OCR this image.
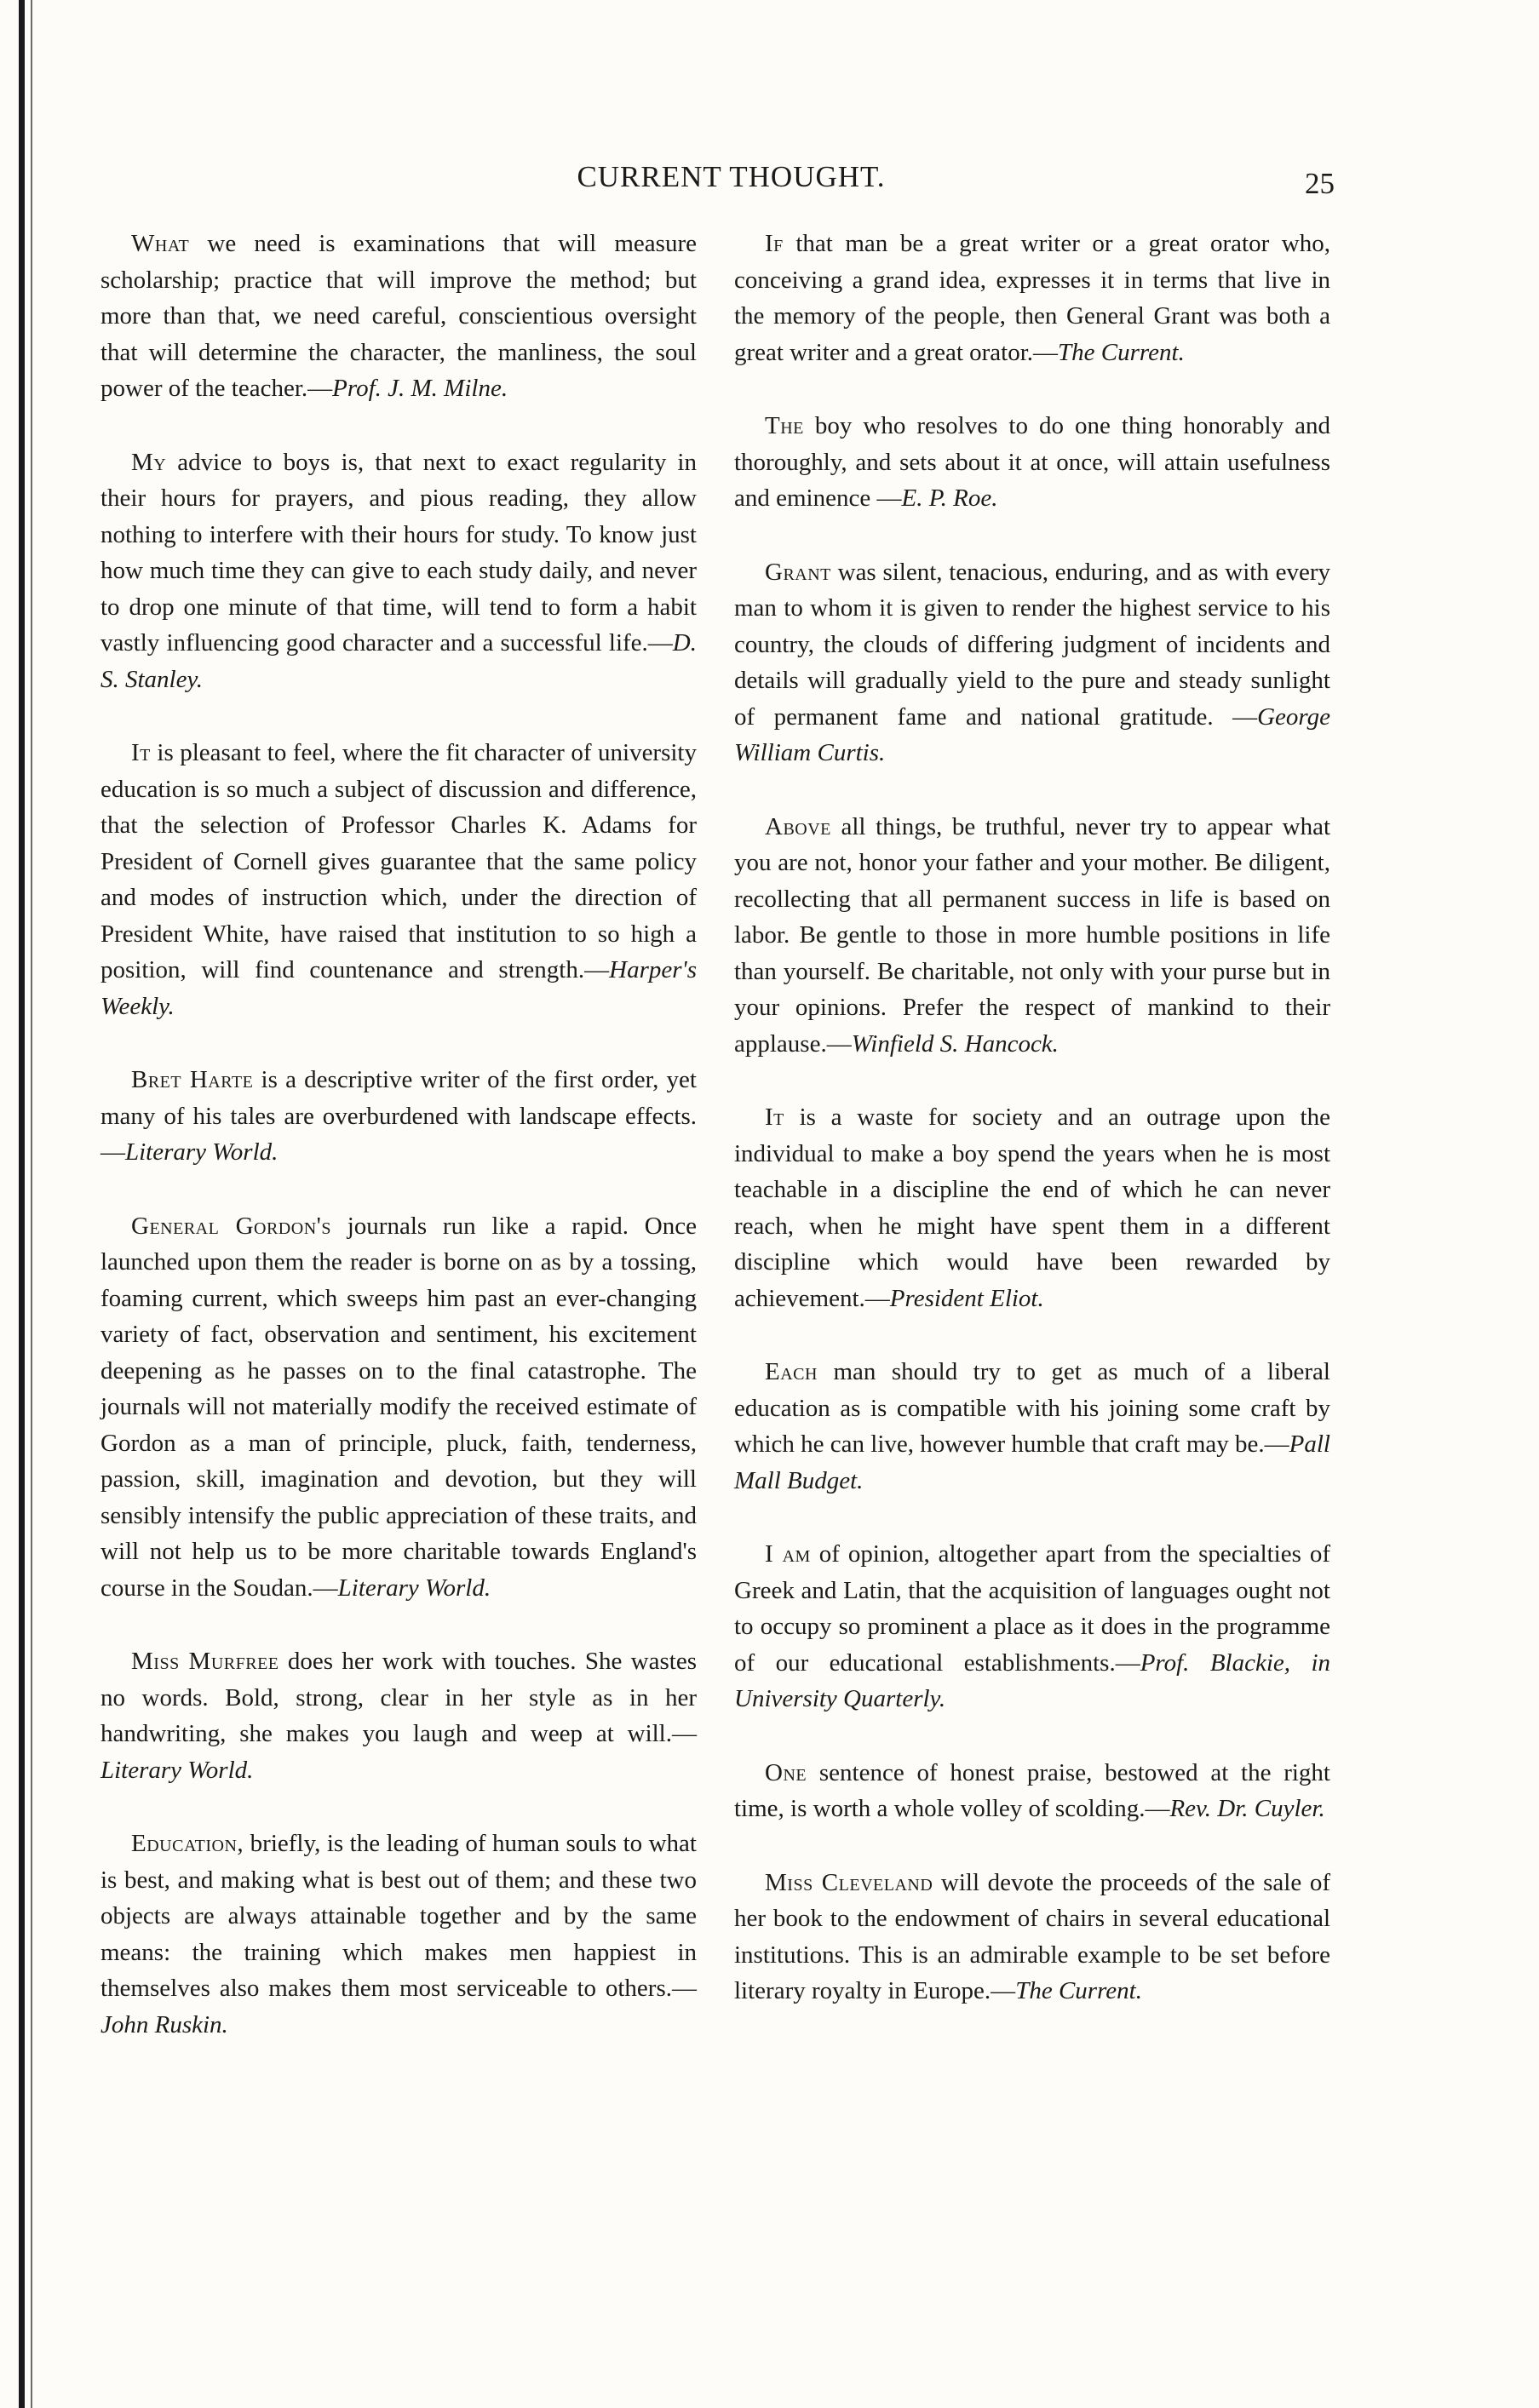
CURRENT THOUGHT.	25

What we need is examinations that will measure scholarship; practice that will improve the method; but more than that, we need careful, conscientious oversight that will determine the character, the manliness, the soul power of the teacher.—Prof. J. M. Milne.

My advice to boys is, that next to exact regularity in their hours for prayers, and pious reading, they allow nothing to interfere with their hours for study. To know just how much time they can give to each study daily, and never to drop one minute of that time, will tend to form a habit vastly influencing good character and a successful life.—D. S. Stanley.

It is pleasant to feel, where the fit character of university education is so much a subject of discussion and difference, that the selection of Professor Charles K. Adams for President of Cornell gives guarantee that the same policy and modes of instruction which, under the direction of President White, have raised that institution to so high a position, will find countenance and strength.—Harper's Weekly.

Bret Harte is a descriptive writer of the first order, yet many of his tales are overburdened with landscape effects.—Literary World.

General Gordon's journals run like a rapid. Once launched upon them the reader is borne on as by a tossing, foaming current, which sweeps him past an ever-changing variety of fact, observation and sentiment, his excitement deepening as he passes on to the final catastrophe. The journals will not materially modify the received estimate of Gordon as a man of principle, pluck, faith, tenderness, passion, skill, imagination and devotion, but they will sensibly intensify the public appreciation of these traits, and will not help us to be more charitable towards England's course in the Soudan.—Literary World.

Miss Murfree does her work with touches. She wastes no words. Bold, strong, clear in her style as in her handwriting, she makes you laugh and weep at will.—Literary World.

Education, briefly, is the leading of human souls to what is best, and making what is best out of them; and these two objects are always attainable together and by the same means: the training which makes men happiest in themselves also makes them most serviceable to others.—John Ruskin.

If that man be a great writer or a great orator who, conceiving a grand idea, expresses it in terms that live in the memory of the people, then General Grant was both a great writer and a great orator.—The Current.

The boy who resolves to do one thing honorably and thoroughly, and sets about it at once, will attain usefulness and eminence —E. P. Roe.

Grant was silent, tenacious, enduring, and as with every man to whom it is given to render the highest service to his country, the clouds of differing judgment of incidents and details will gradually yield to the pure and steady sunlight of permanent fame and national gratitude. —George William Curtis.

Above all things, be truthful, never try to appear what you are not, honor your father and your mother. Be diligent, recollecting that all permanent success in life is based on labor. Be gentle to those in more humble positions in life than yourself. Be charitable, not only with your purse but in your opinions. Prefer the respect of mankind to their applause.—Winfield S. Hancock.

It is a waste for society and an outrage upon the individual to make a boy spend the years when he is most teachable in a discipline the end of which he can never reach, when he might have spent them in a different discipline which would have been rewarded by achievement.—President Eliot.

Each man should try to get as much of a liberal education as is compatible with his joining some craft by which he can live, however humble that craft may be.—Pall Mall Budget.

I am of opinion, altogether apart from the specialties of Greek and Latin, that the acquisition of languages ought not to occupy so prominent a place as it does in the programme of our educational establishments.—Prof. Blackie, in University Quarterly.

One sentence of honest praise, bestowed at the right time, is worth a whole volley of scolding.—Rev. Dr. Cuyler.

Miss Cleveland will devote the proceeds of the sale of her book to the endowment of chairs in several educational institutions. This is an admirable example to be set before literary royalty in Europe.—The Current.
